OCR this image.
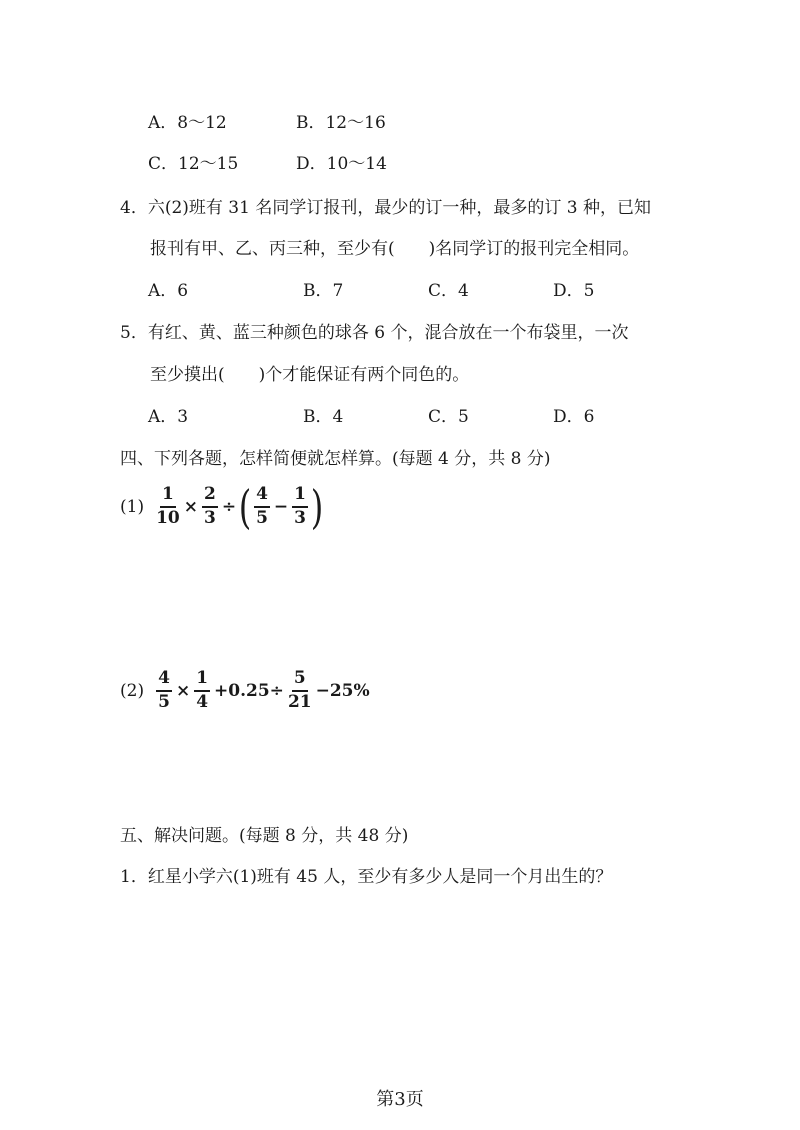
A．8～12	B．12～16
C．12～15	D．10～14
4．六(2)班有 31 名同学订报刊，最少的订一种，最多的订 3 种，已知
报刊有甲、乙、丙三种，至少有(　　)名同学订的报刊完全相同。
A．6	B．7	C．4	D．5
5．有红、黄、蓝三种颜色的球各 6 个，混合放在一个布袋里，一次
至少摸出(　　)个才能保证有两个同色的。
A．3	B．4	C．5	D．6
四、下列各题，怎样简便就怎样算。(每题 4 分，共 8 分)
$(1) \frac{1}{10} \times \frac{2}{3}$ ÷ ( $\frac{4}{5} - \frac{1}{3}$ )
$(2) \frac{4}{5} \times \frac{1}{4} +0.25\div \frac{5}{21} -25\%$
五、解决问题。(每题 8 分，共 48 分)
1．红星小学六(1)班有 45 人，至少有多少人是同一个月出生的？
第3页
